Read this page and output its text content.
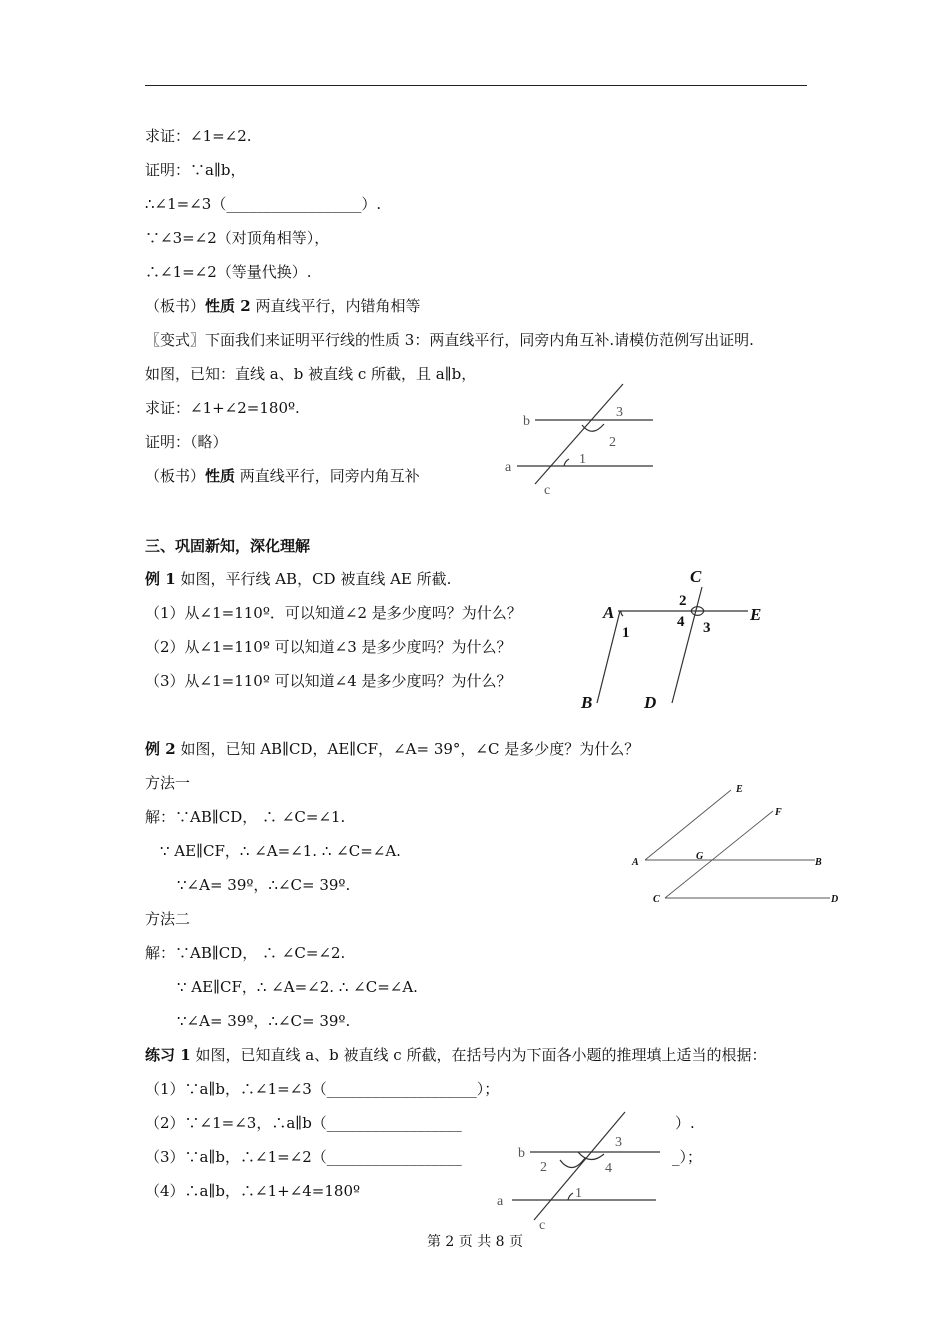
求证：∠1=∠2.
证明：∵a∥b，
∴∠1=∠3（__________________）.
∵∠3=∠2（对顶角相等），
∴∠1=∠2（等量代换）.
（板书）性质 2 两直线平行，内错角相等
〖变式〗下面我们来证明平行线的性质 3：两直线平行，同旁内角互补.请模仿范例写出证明.
如图，已知：直线 a、b 被直线 c 所截，且 a∥b，
求证：∠1+∠2=180º.
证明：（略）
（板书）性质 两直线平行，同旁内角互补
三、巩固新知，深化理解
例 1 如图，平行线 AB，CD 被直线 AE 所截.
（1）从∠1=110º．可以知道∠2 是多少度吗？为什么？
（2）从∠1=110º 可以知道∠3 是多少度吗？为什么？
（3）从∠1=110º 可以知道∠4 是多少度吗？为什么？
例 2 如图，已知 AB∥CD，AE∥CF，∠A= 39°，∠C 是多少度？为什么？
方法一
解：∵AB∥CD， ∴ ∠C=∠1.
∵ AE∥CF，∴ ∠A=∠1. ∴ ∠C=∠A.
∵∠A= 39º，∴∠C= 39º.
方法二
解：∵AB∥CD， ∴ ∠C=∠2.
∵ AE∥CF，∴ ∠A=∠2. ∴ ∠C=∠A.
∵∠A= 39º，∴∠C= 39º.
练习 1 如图，已知直线 a、b 被直线 c 所截，在括号内为下面各小题的推理填上适当的根据：
（1）∵a∥b，∴∠1=∠3（____________________）；
（2）∵∠1=∠3，∴a∥b（__________________	）.
（3）∵a∥b，∴∠1=∠2（__________________	_）；
（4）∴a∥b，∴∠1+∠4=180º
b
a
c
3
2
1
C
A	E
B	D
1
2
3
4
E
F
A
G
B
C	D
b
a
c
3
2	4
1
第 2 页 共 8 页
